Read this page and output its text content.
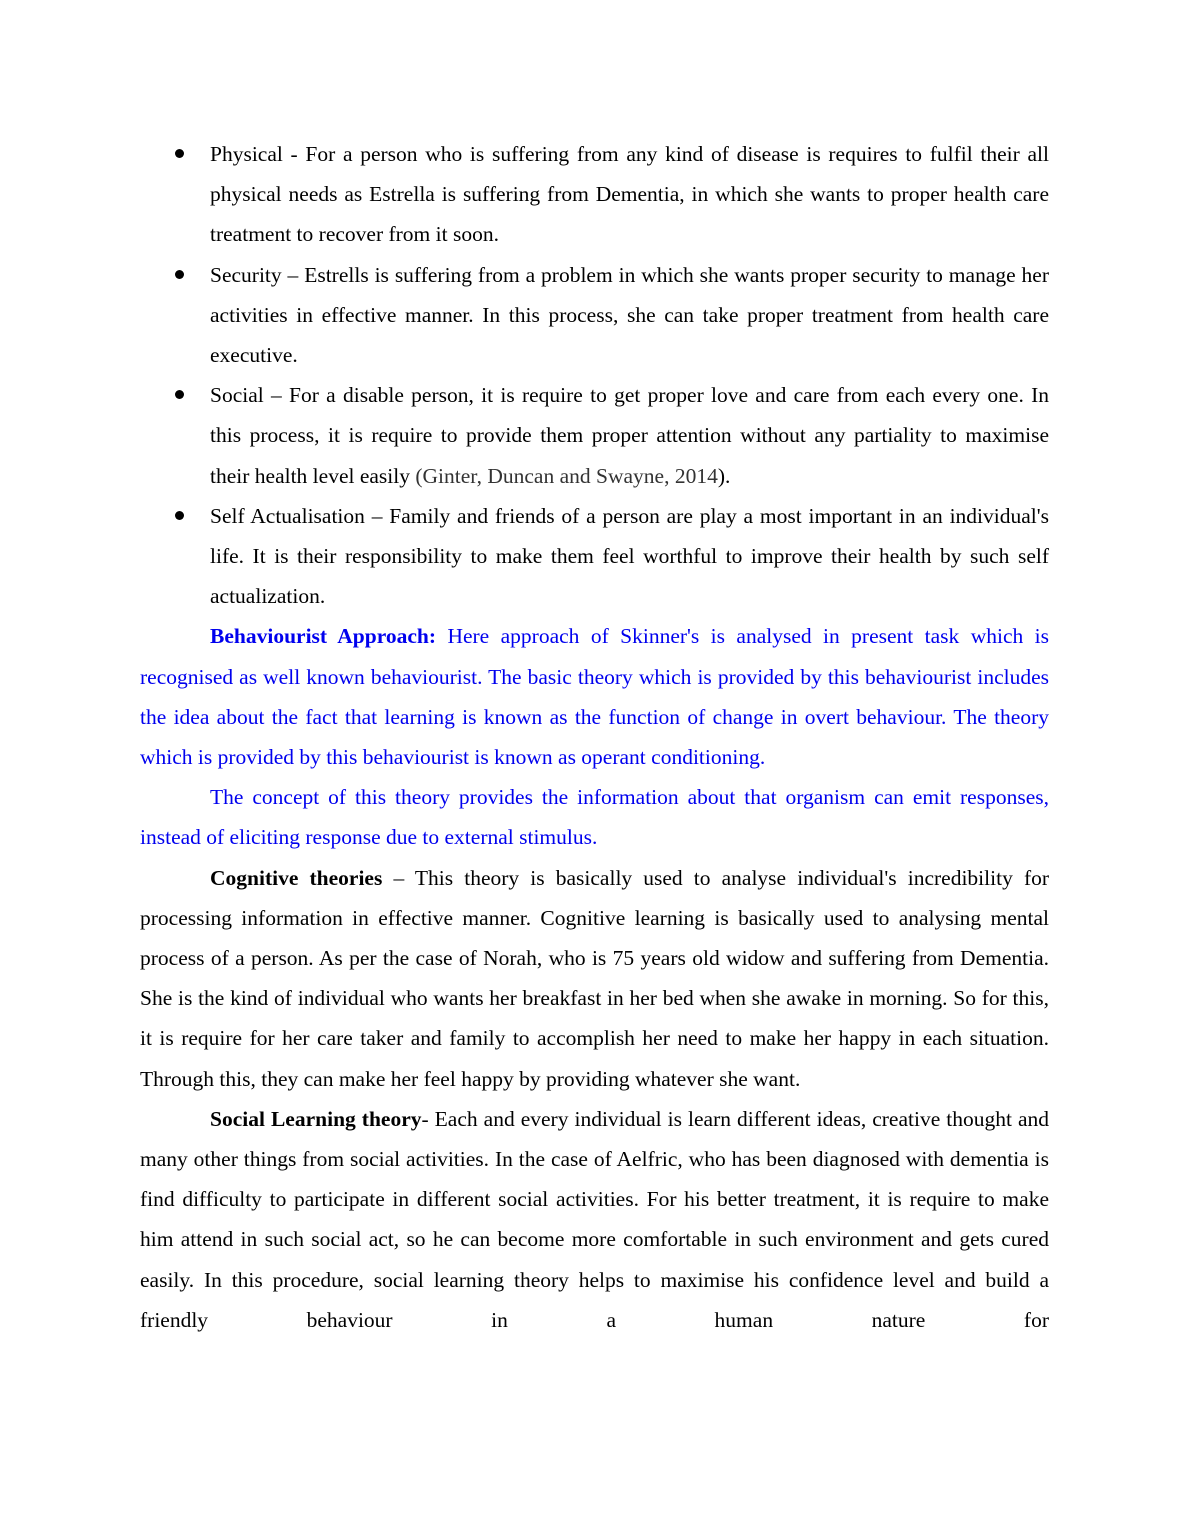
Physical - For a person who is suffering from any kind of disease is requires to fulfil their all physical needs as Estrella is suffering from Dementia, in which she wants to proper health care treatment to recover from it soon.
Security – Estrells is suffering from a problem in which she wants proper security to manage her activities in effective manner. In this process, she can take proper treatment from health care executive.
Social – For a disable person, it is require to get proper love and care from each every one. In this process, it is require to provide them proper attention without any partiality to maximise their health level easily (Ginter, Duncan and Swayne, 2014).
Self Actualisation – Family and friends of a person are play a most important in an individual's life. It is their responsibility to make them feel worthful to improve their health by such self actualization.

Behaviourist Approach: Here approach of Skinner's is analysed in present task which is recognised as well known behaviourist. The basic theory which is provided by this behaviourist includes the idea about the fact that learning is known as the function of change in overt behaviour. The theory which is provided by this behaviourist is known as operant conditioning.

The concept of this theory provides the information about that organism can emit responses, instead of eliciting response due to external stimulus.

Cognitive theories – This theory is basically used to analyse individual's incredibility for processing information in effective manner. Cognitive learning is basically used to analysing mental process of a person. As per the case of Norah, who is 75 years old widow and suffering from Dementia. She is the kind of individual who wants her breakfast in her bed when she awake in morning. So for this, it is require for her care taker and family to accomplish her need to make her happy in each situation. Through this, they can make her feel happy by providing whatever she want.

Social Learning theory- Each and every individual is learn different ideas, creative thought and many other things from social activities. In the case of Aelfric, who has been diagnosed with dementia is find difficulty to participate in different social activities. For his better treatment, it is require to make him attend in such social act, so he can become more comfortable in such environment and gets cured easily. In this procedure, social learning theory helps to maximise his confidence level and build a friendly behaviour in a human nature for
